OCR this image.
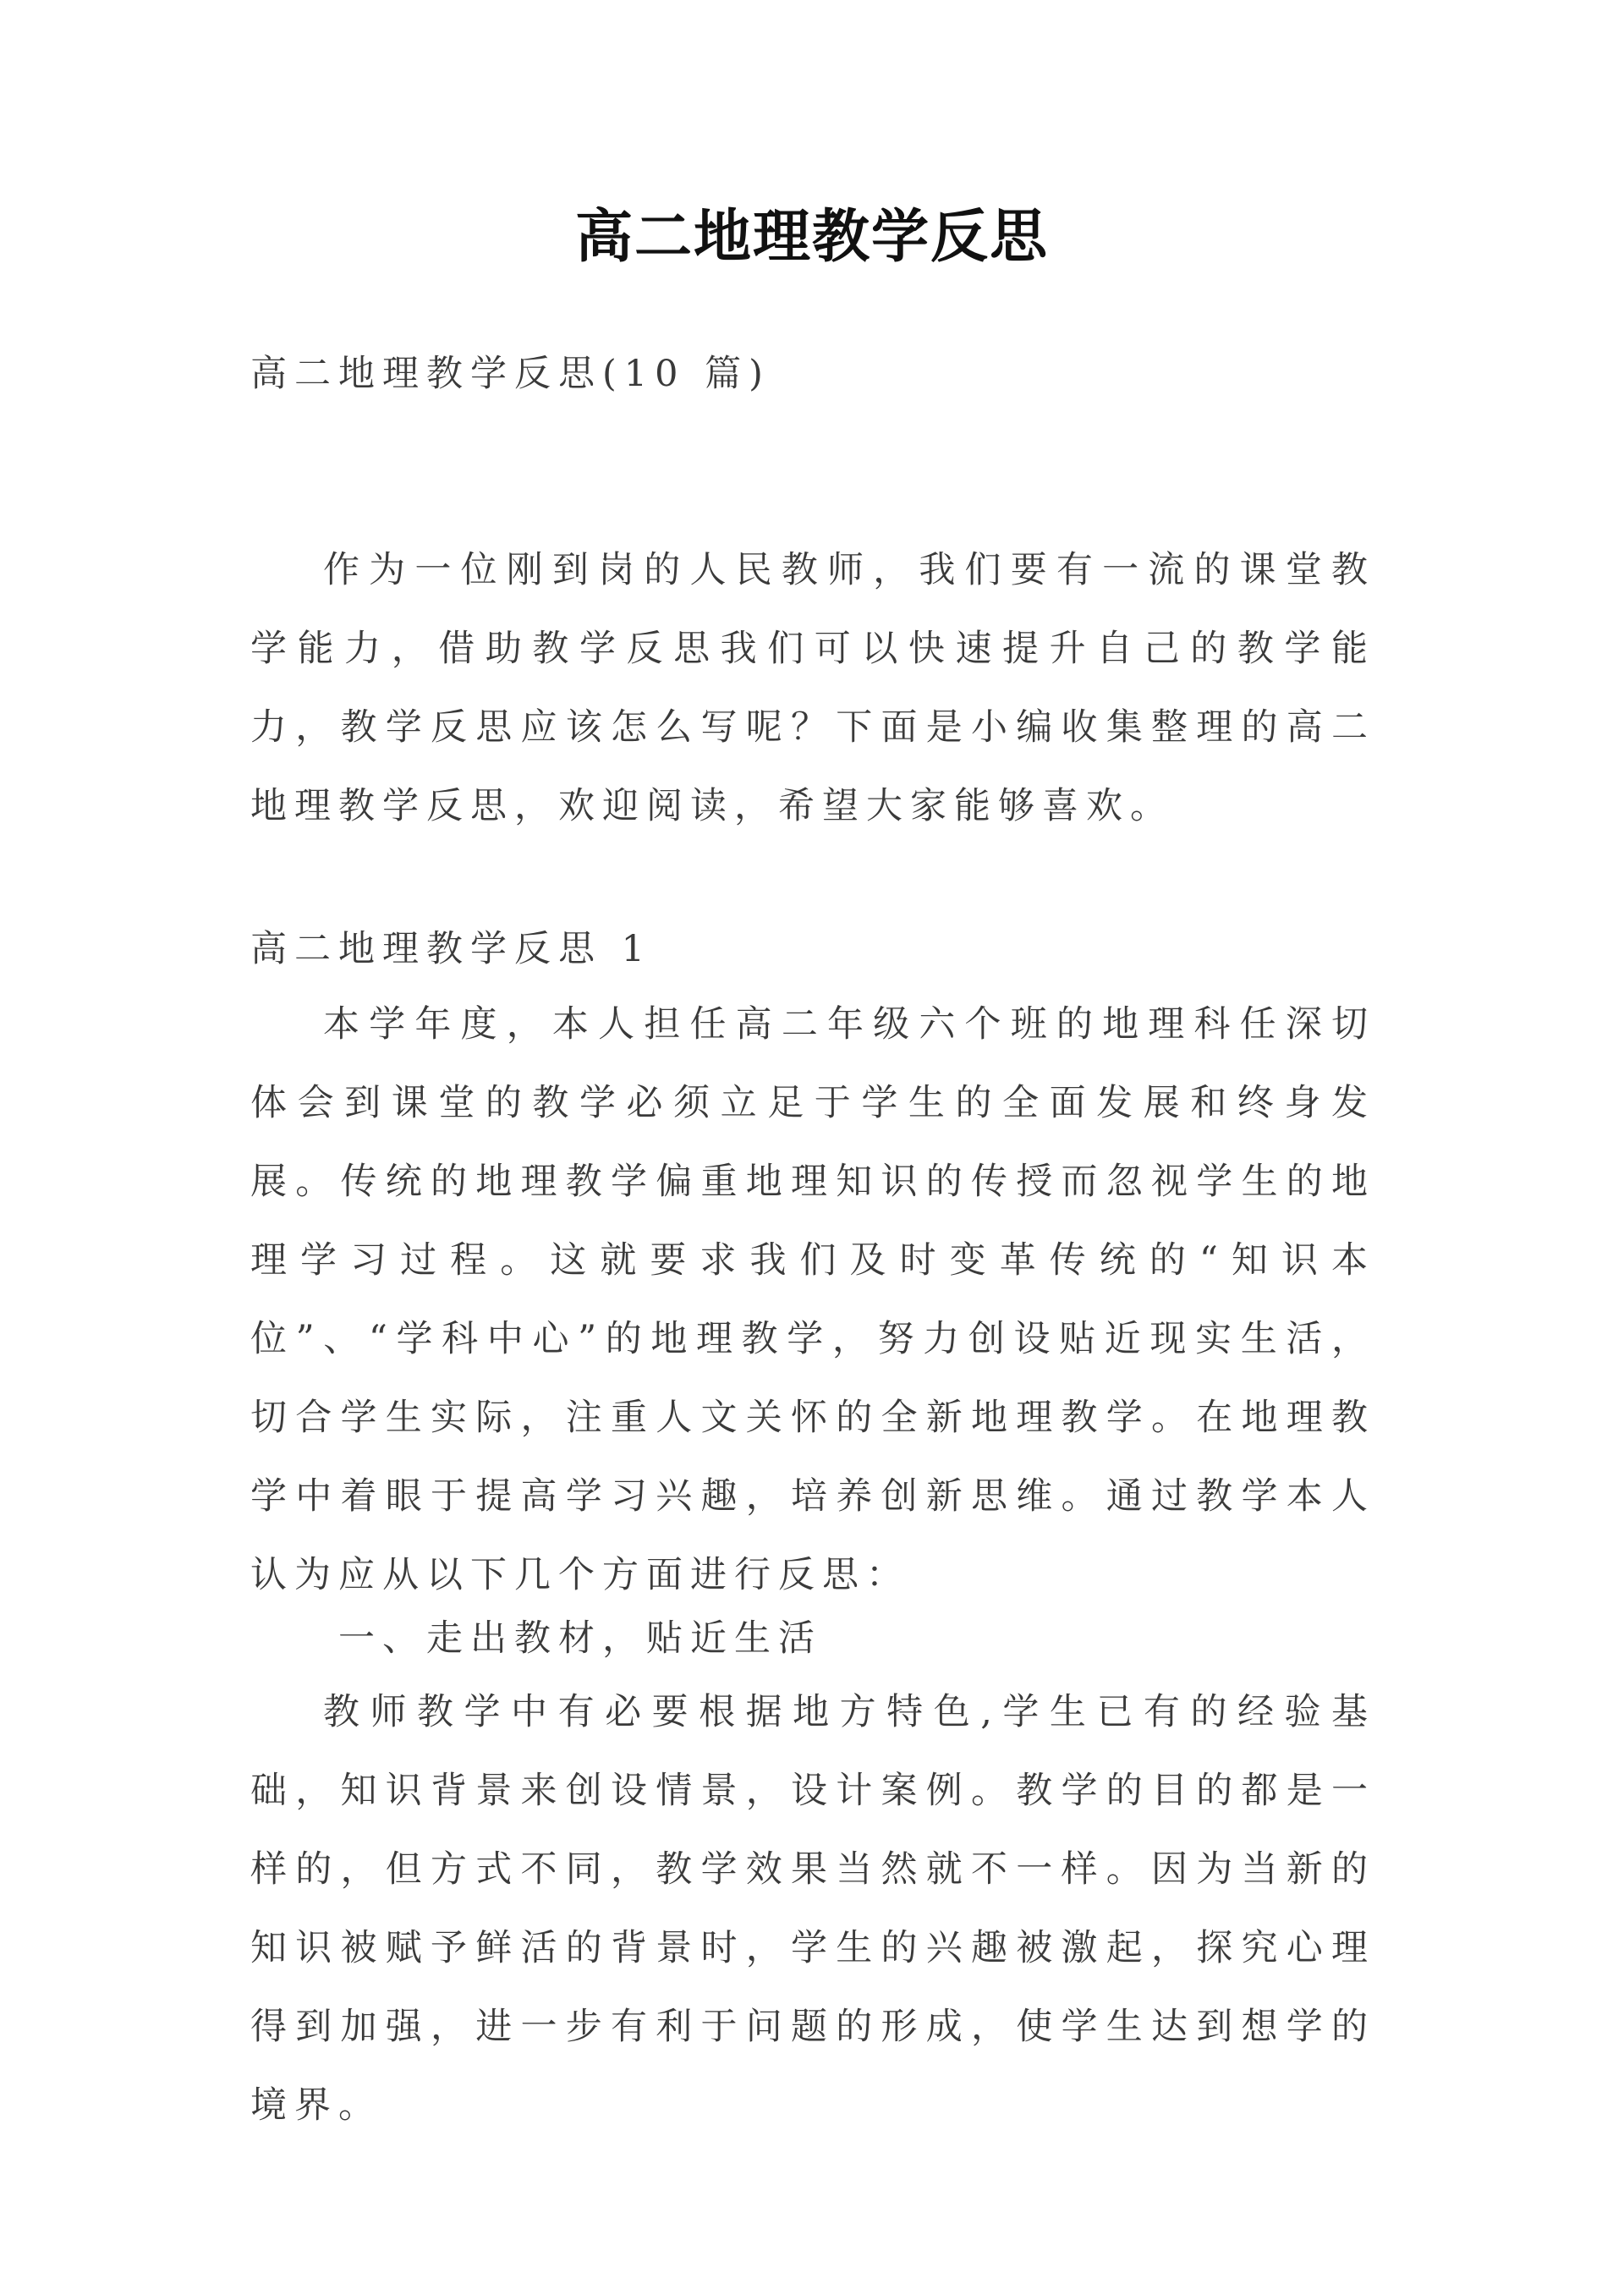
高二地理教学反思
高二地理教学反思(10 篇)

作为一位刚到岗的人民教师，我们要有一流的课堂教学能力，借助教学反思我们可以快速提升自己的教学能力，教学反思应该怎么写呢？下面是小编收集整理的高二地理教学反思，欢迎阅读，希望大家能够喜欢。

高二地理教学反思 1

本学年度，本人担任高二年级六个班的地理科任深切体会到课堂的教学必须立足于学生的全面发展和终身发展。传统的地理教学偏重地理知识的传授而忽视学生的地理学习过程。这就要求我们及时变革传统的“知识本位”、“学科中心”的地理教学，努力创设贴近现实生活，切合学生实际，注重人文关怀的全新地理教学。在地理教学中着眼于提高学习兴趣，培养创新思维。通过教学本人认为应从以下几个方面进行反思：

一、走出教材，贴近生活

教师教学中有必要根据地方特色,学生已有的经验基础，知识背景来创设情景，设计案例。教学的目的都是一样的，但方式不同，教学效果当然就不一样。因为当新的知识被赋予鲜活的背景时，学生的兴趣被激起，探究心理得到加强，进一步有利于问题的形成，使学生达到想学的境界。
